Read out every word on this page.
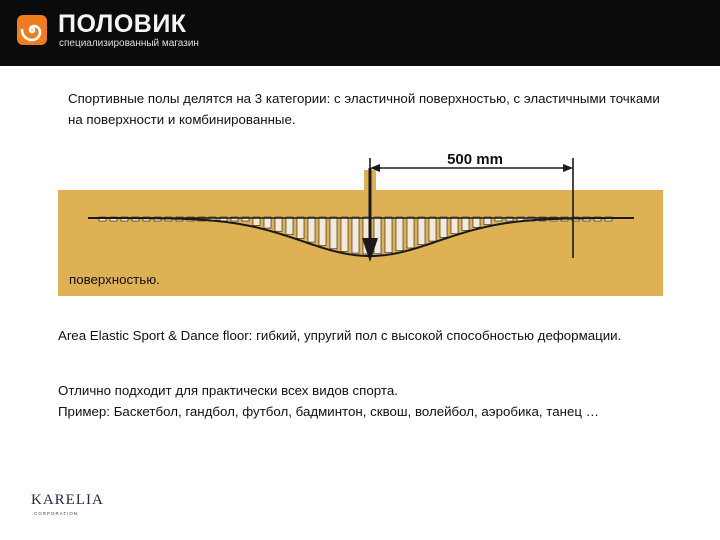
ПОЛОВИК
специализированный магазин
Спортивные полы делятся на 3 категории: с эластичной поверхностью, с эластичными точками на поверхности и комбинированные.
500 mm
поверхностью.
Area Elastic Sport & Dance floor: гибкий, упругий пол с высокой способностью деформации.
Отлично подходит для практически всех видов спорта.
Пример: Баскетбол, гандбол, футбол, бадминтон, сквош, волейбол, аэробика, танец …
KARELIA
CORPORATION
